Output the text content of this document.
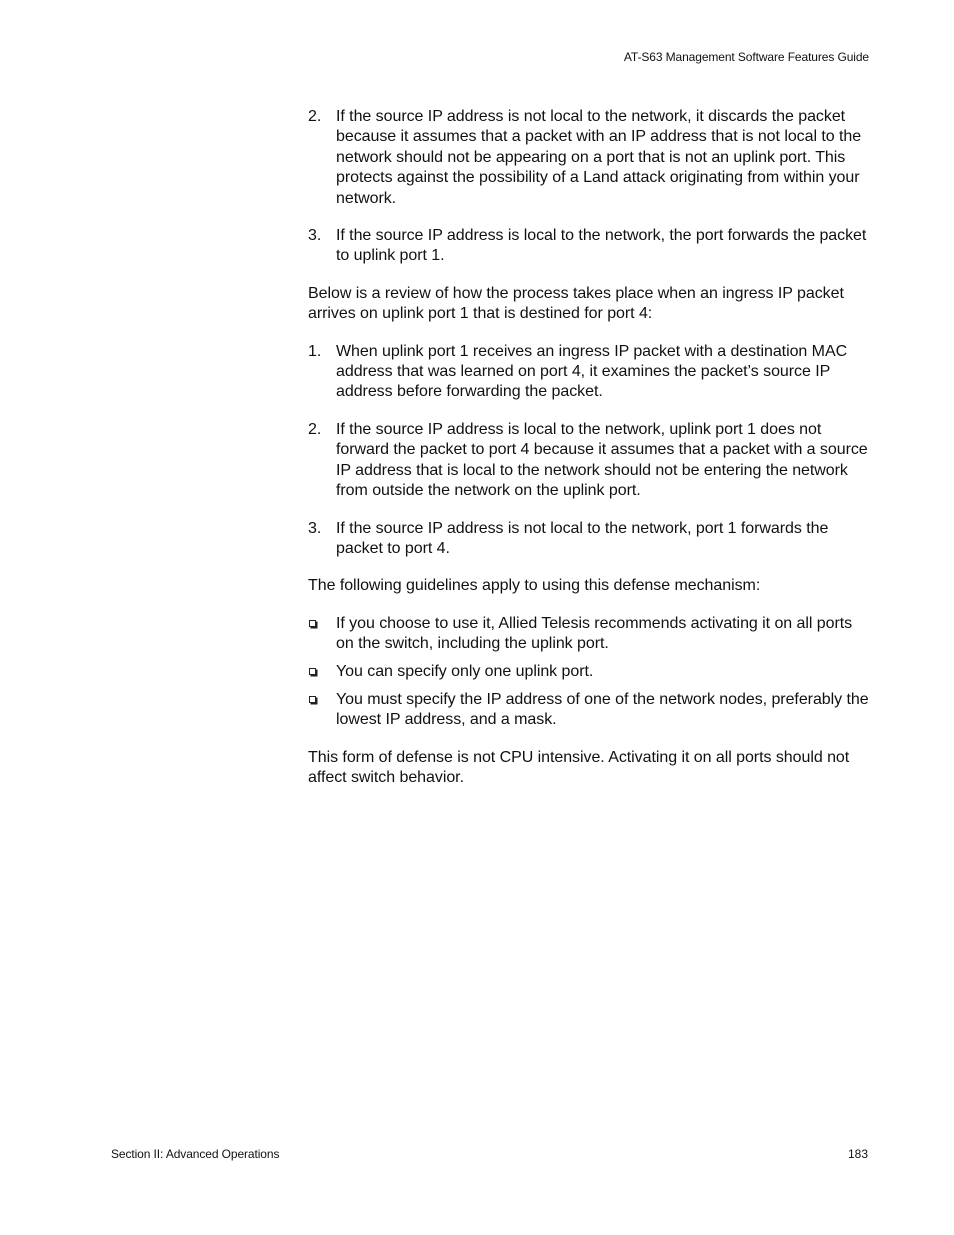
AT-S63 Management Software Features Guide
2. If the source IP address is not local to the network, it discards the packet because it assumes that a packet with an IP address that is not local to the network should not be appearing on a port that is not an uplink port. This protects against the possibility of a Land attack originating from within your network.

3. If the source IP address is local to the network, the port forwards the packet to uplink port 1.

Below is a review of how the process takes place when an ingress IP packet arrives on uplink port 1 that is destined for port 4:

1. When uplink port 1 receives an ingress IP packet with a destination MAC address that was learned on port 4, it examines the packet’s source IP address before forwarding the packet.

2. If the source IP address is local to the network, uplink port 1 does not forward the packet to port 4 because it assumes that a packet with a source IP address that is local to the network should not be entering the network from outside the network on the uplink port.

3. If the source IP address is not local to the network, port 1 forwards the packet to port 4.

The following guidelines apply to using this defense mechanism:

If you choose to use it, Allied Telesis recommends activating it on all ports on the switch, including the uplink port.

You can specify only one uplink port.

You must specify the IP address of one of the network nodes, preferably the lowest IP address, and a mask.

This form of defense is not CPU intensive. Activating it on all ports should not affect switch behavior.

Section II: Advanced Operations	183
